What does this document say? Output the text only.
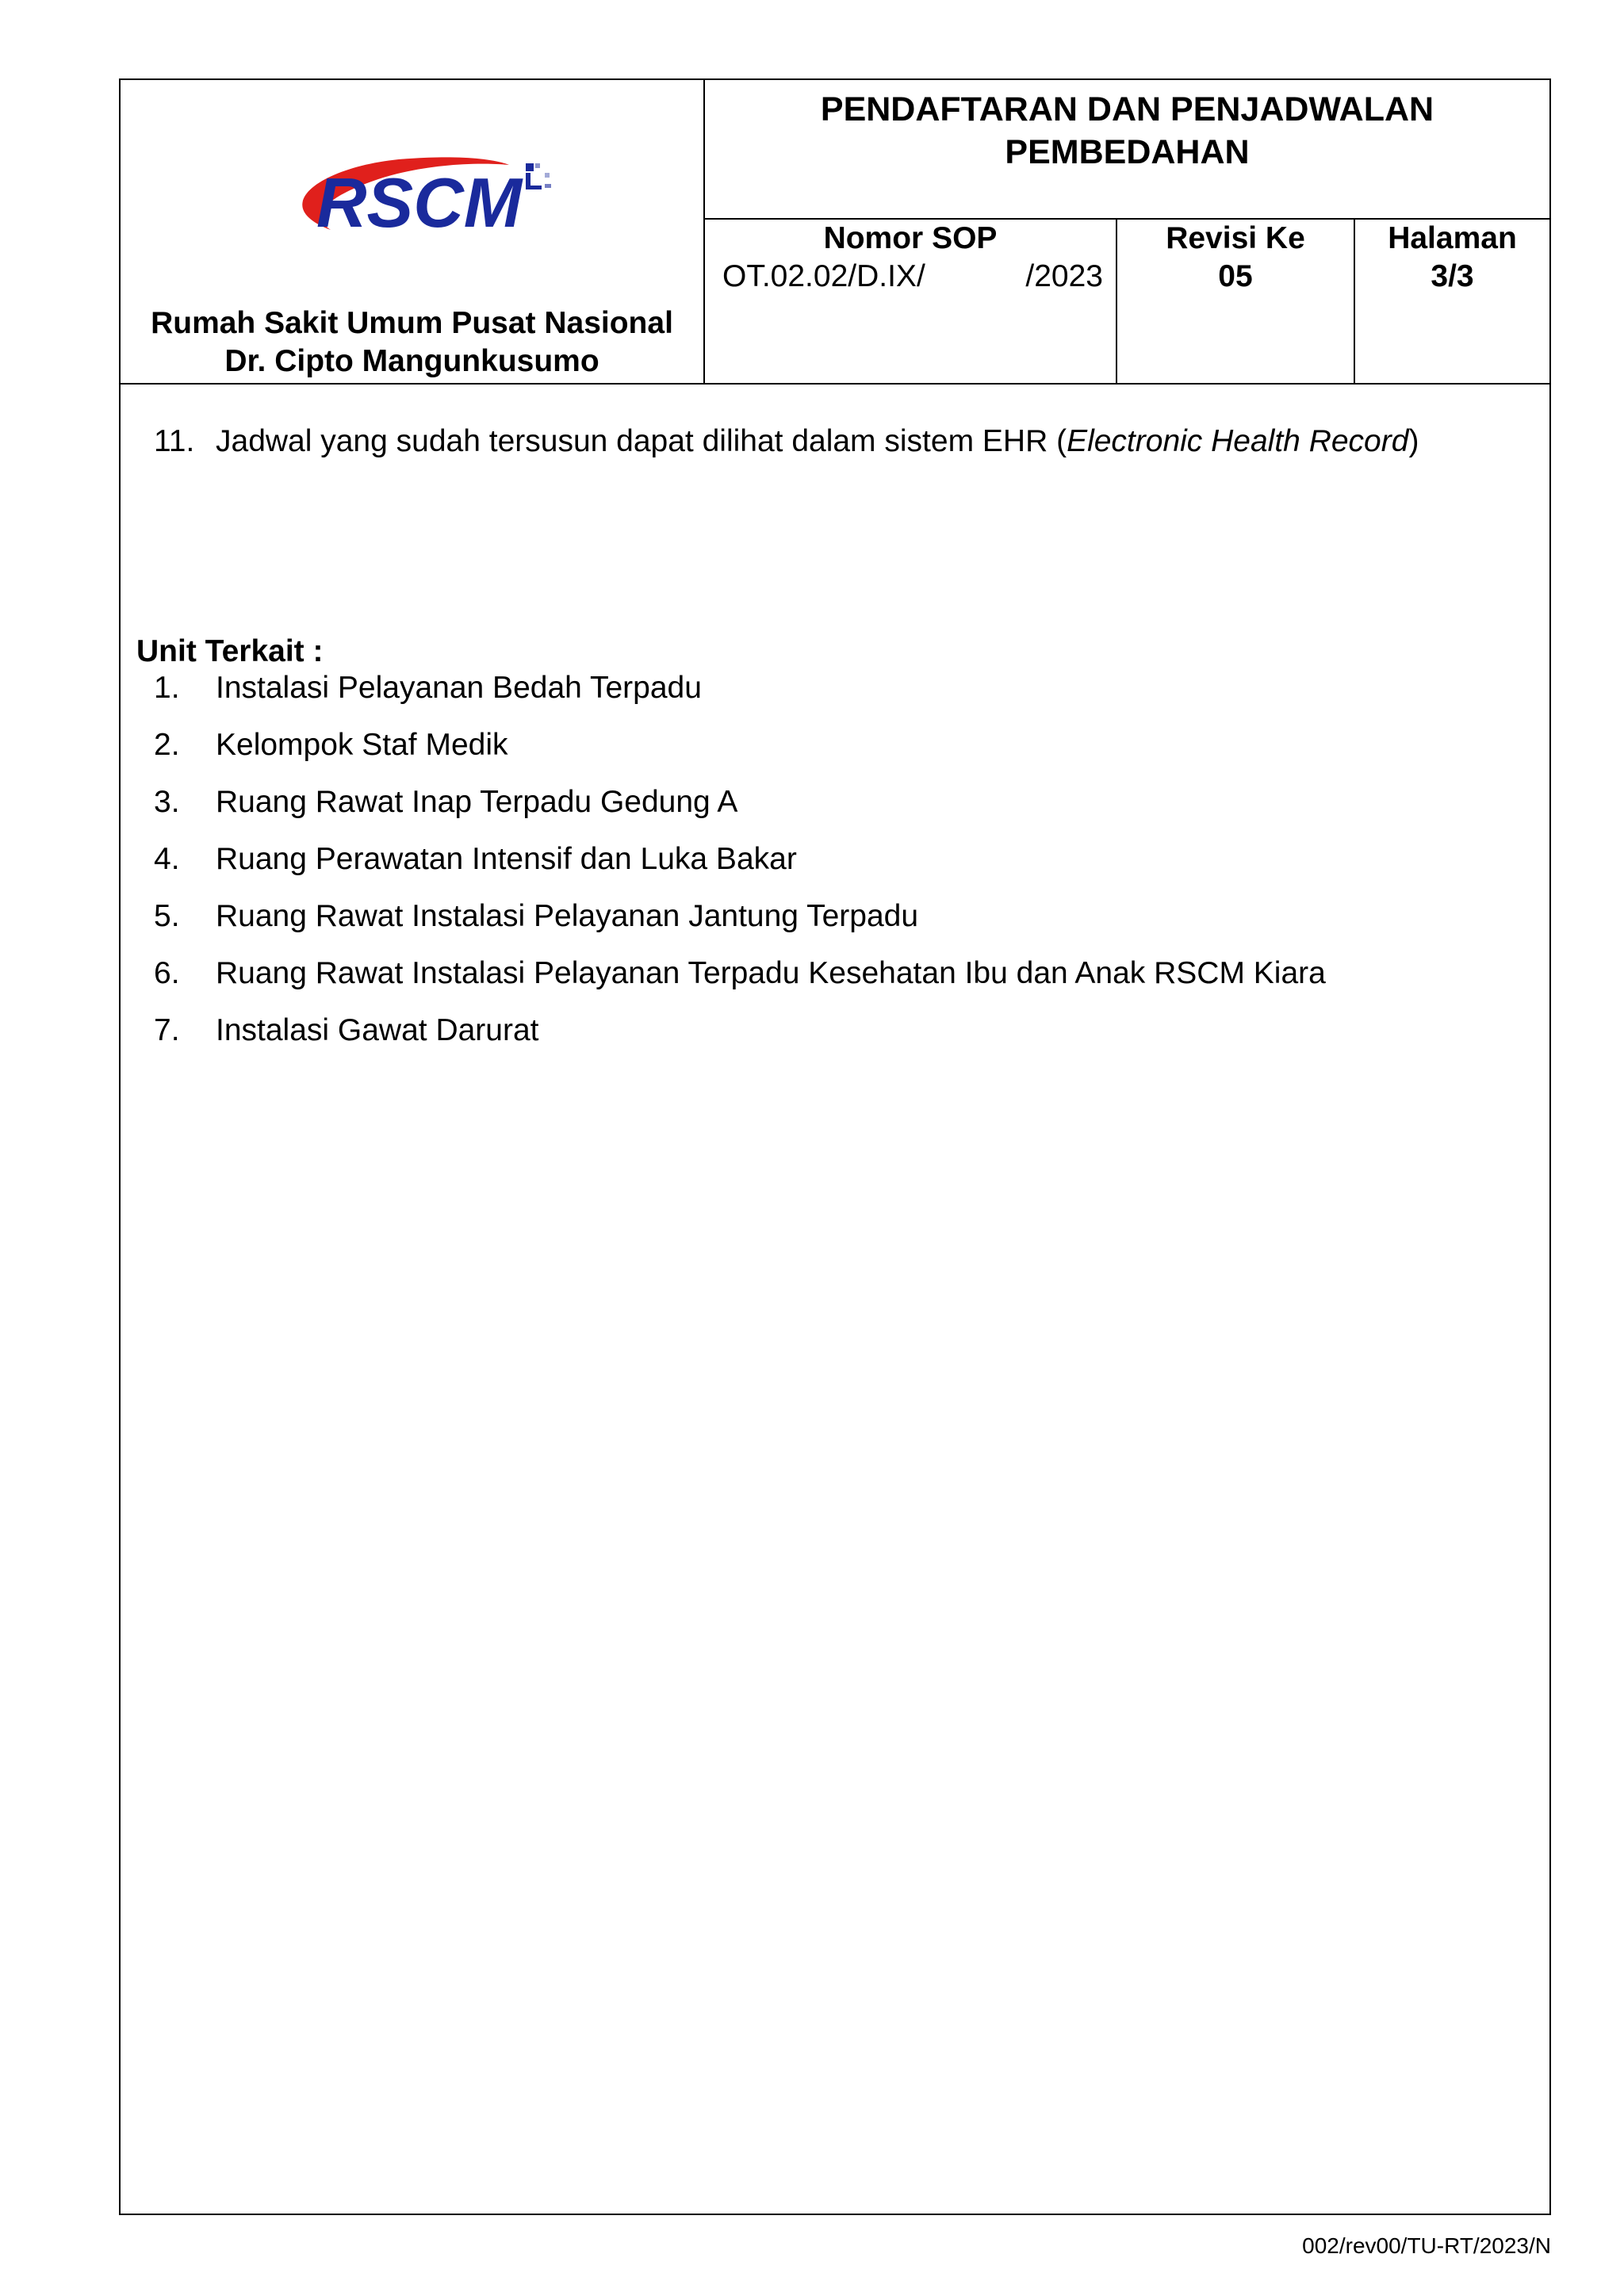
RSCM
Rumah Sakit Umum Pusat Nasional
Dr. Cipto Mangunkusumo
PENDAFTARAN DAN PENJADWALAN
PEMBEDAHAN
Nomor SOP
OT.02.02/D.IX/	/2023
Revisi Ke
05
Halaman
3/3
11. Jadwal yang sudah tersusun dapat dilihat dalam sistem EHR (Electronic Health Record)
Unit Terkait :
1. Instalasi Pelayanan Bedah Terpadu
2. Kelompok Staf Medik
3. Ruang Rawat Inap Terpadu Gedung A
4. Ruang Perawatan Intensif dan Luka Bakar
5. Ruang Rawat Instalasi Pelayanan Jantung Terpadu
6. Ruang Rawat Instalasi Pelayanan Terpadu Kesehatan Ibu dan Anak RSCM Kiara
7. Instalasi Gawat Darurat
002/rev00/TU-RT/2023/N
